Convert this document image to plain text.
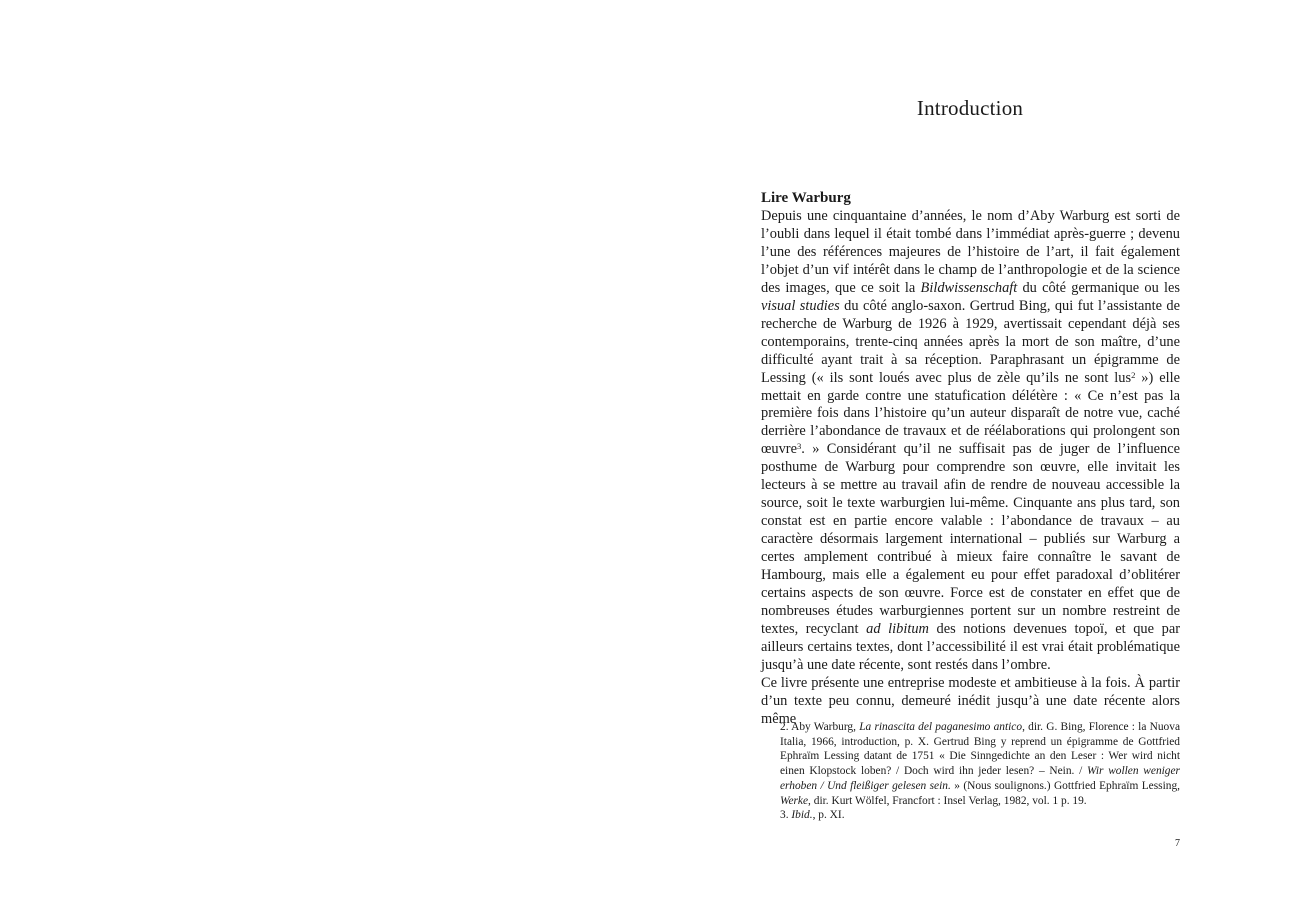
Introduction
Lire Warburg

Depuis une cinquantaine d’années, le nom d’Aby Warburg est sorti de l’oubli dans lequel il était tombé dans l’immédiat après-guerre ; devenu l’une des références majeures de l’histoire de l’art, il fait également l’objet d’un vif intérêt dans le champ de l’anthropologie et de la science des images, que ce soit la Bildwissenschaft du côté germanique ou les visual studies du côté anglo-saxon. Gertrud Bing, qui fut l’assistante de recherche de Warburg de 1926 à 1929, avertissait cependant déjà ses contemporains, trente-cinq années après la mort de son maître, d’une difficulté ayant trait à sa réception. Paraphrasant un épigramme de Lessing (« ils sont loués avec plus de zèle qu’ils ne sont lus$^2$ ») elle mettait en garde contre une statufication délétère : « Ce n’est pas la première fois dans l’histoire qu’un auteur disparaît de notre vue, caché derrière l’abondance de travaux et de réélaborations qui prolongent son œuvre$^3$. » Considérant qu’il ne suffisait pas de juger de l’influence posthume de Warburg pour comprendre son œuvre, elle invitait les lecteurs à se mettre au travail afin de rendre de nouveau accessible la source, soit le texte warburgien lui-même. Cinquante ans plus tard, son constat est en partie encore valable : l’abondance de travaux – au caractère désormais largement international – publiés sur Warburg a certes amplement contribué à mieux faire connaître le savant de Hambourg, mais elle a également eu pour effet paradoxal d’oblitérer certains aspects de son œuvre. Force est de constater en effet que de nombreuses études warburgiennes portent sur un nombre restreint de textes, recyclant ad libitum des notions devenues topoï, et que par ailleurs certains textes, dont l’accessibilité il est vrai était problématique jusqu’à une date récente, sont restés dans l’ombre.

Ce livre présente une entreprise modeste et ambitieuse à la fois. À partir d’un texte peu connu, demeuré inédit jusqu’à une date récente alors même

2. Aby Warburg, La rinascita del paganesimo antico, dir. G. Bing, Florence : la Nuova Italia, 1966, introduction, p. X. Gertrud Bing y reprend un épigramme de Gottfried Ephraïm Lessing datant de 1751 « Die Sinngedichte an den Leser : Wer wird nicht einen Klopstock loben? / Doch wird ihn jeder lesen? – Nein. / Wir wollen weniger erhoben / Und fleißiger gelesen sein. » (Nous soulignons.) Gottfried Ephraïm Lessing, Werke, dir. Kurt Wölfel, Francfort : Insel Verlag, 1982, vol. 1 p. 19.

3. Ibid., p. XI.

7
